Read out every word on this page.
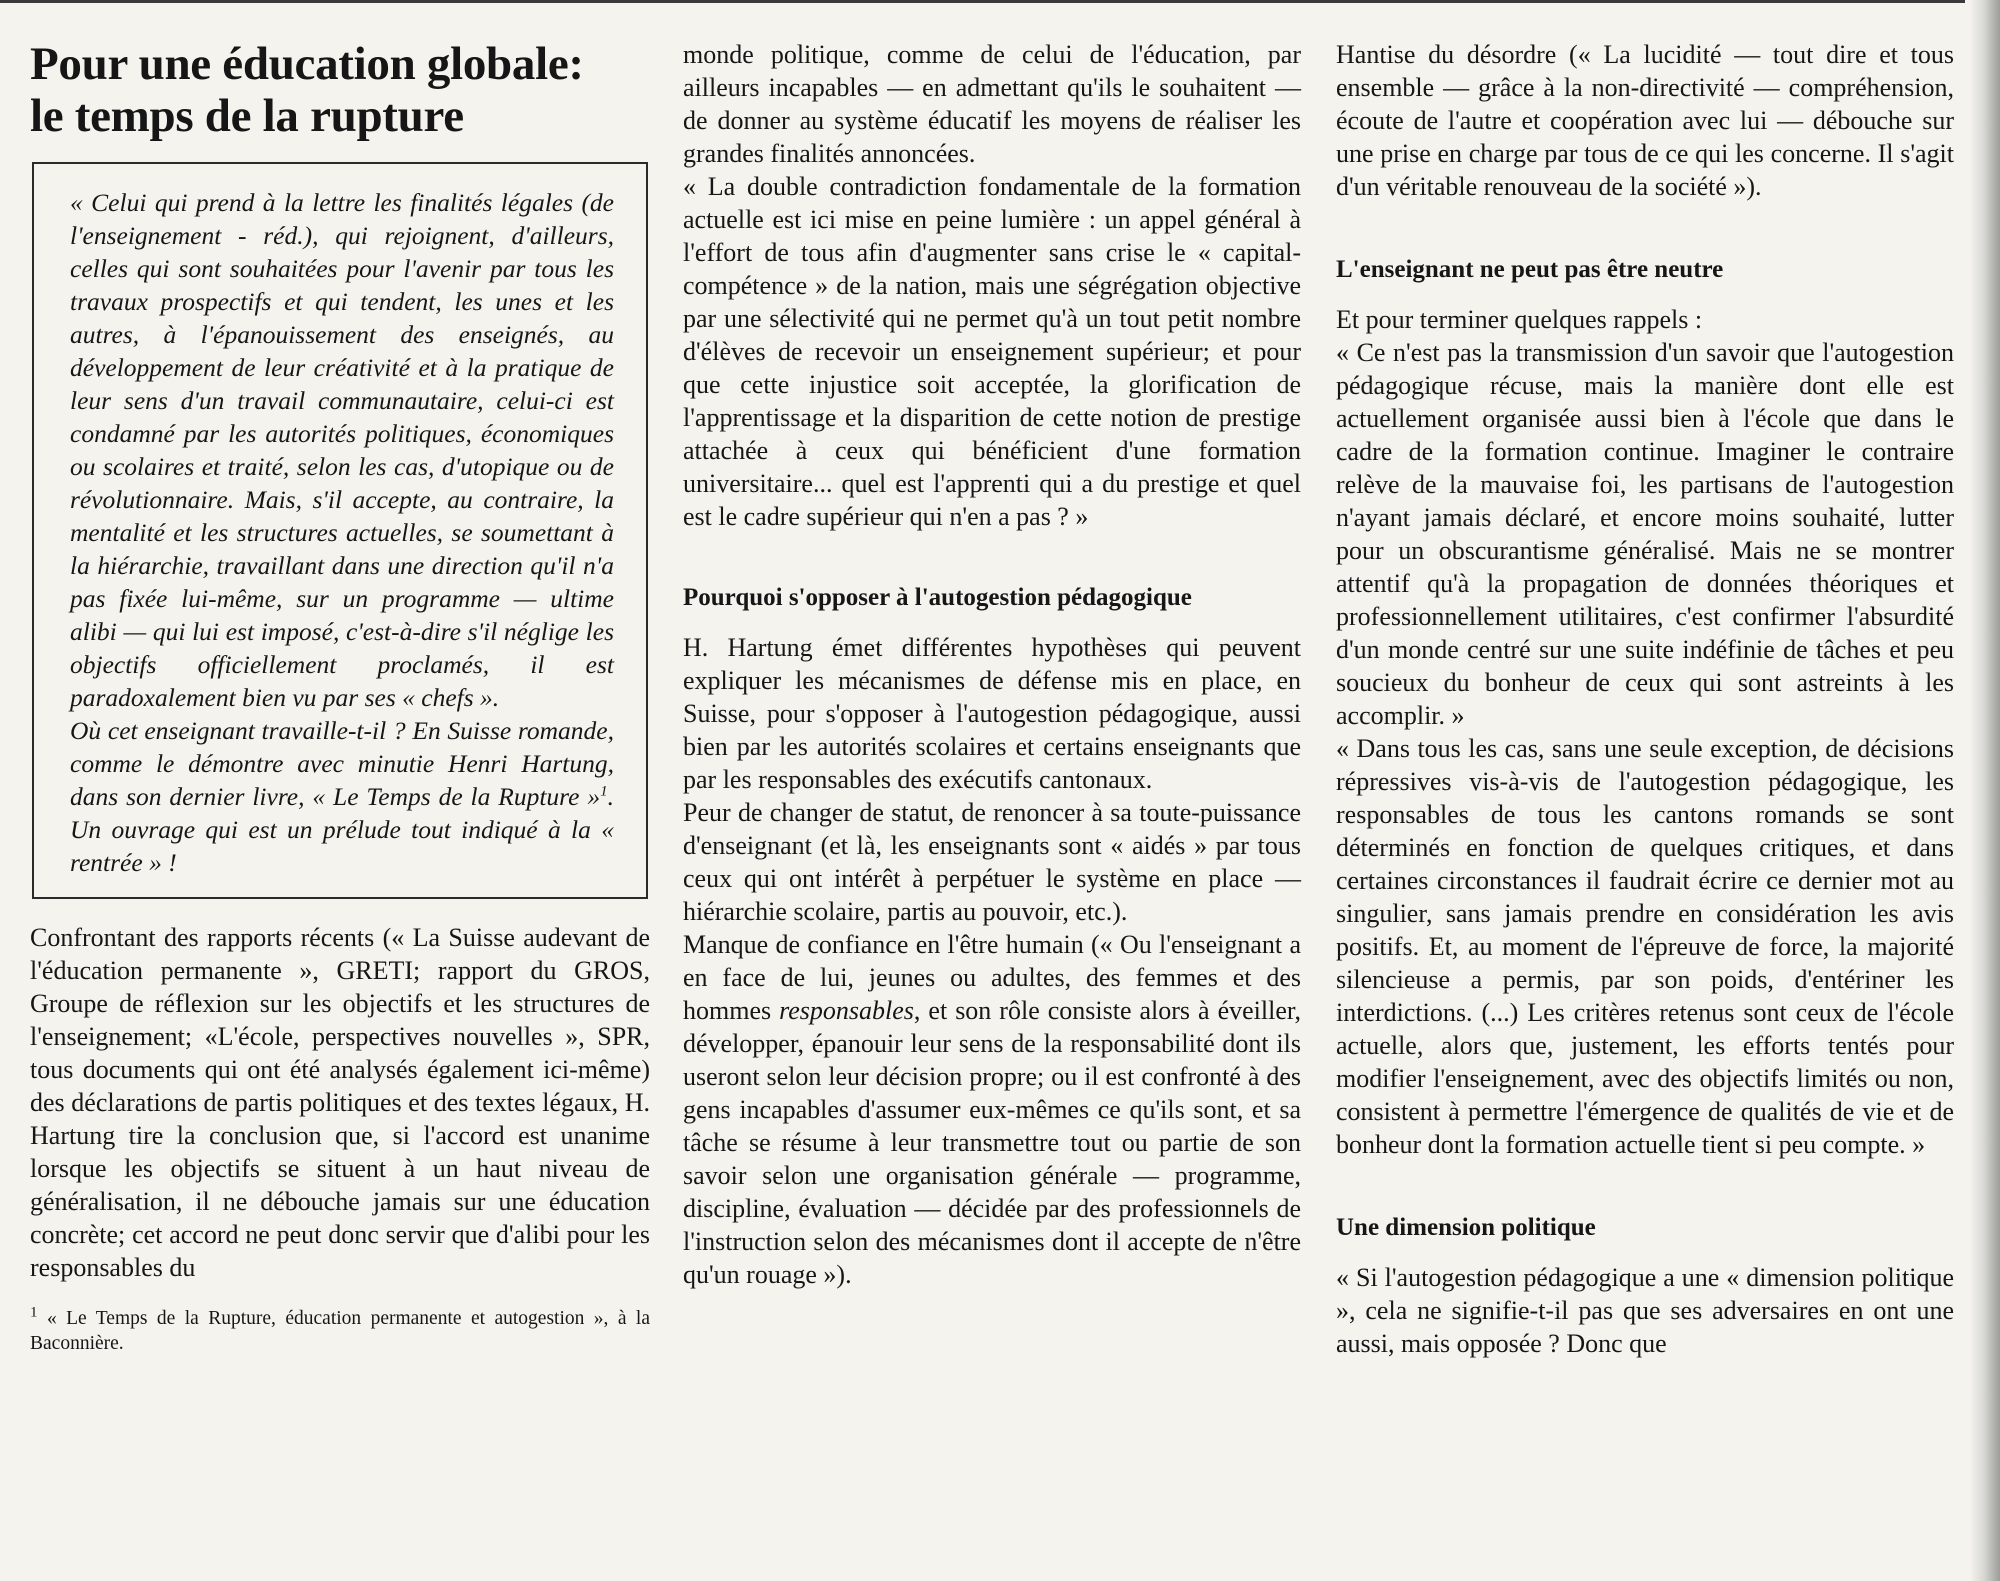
Pour une éducation globale:
le temps de la rupture

« Celui qui prend à la lettre les finalités légales (de l'enseignement - réd.), qui rejoignent, d'ailleurs, celles qui sont souhaitées pour l'avenir par tous les travaux prospectifs et qui tendent, les unes et les autres, à l'épanouissement des enseignés, au développement de leur créativité et à la pratique de leur sens d'un travail communautaire, celui-ci est condamné par les autorités politiques, économiques ou scolaires et traité, selon les cas, d'utopique ou de révolutionnaire. Mais, s'il accepte, au contraire, la mentalité et les structures actuelles, se soumettant à la hiérarchie, travaillant dans une direction qu'il n'a pas fixée lui-même, sur un programme — ultime alibi — qui lui est imposé, c'est-à-dire s'il néglige les objectifs officiellement proclamés, il est paradoxalement bien vu par ses « chefs ».

Où cet enseignant travaille-t-il ? En Suisse romande, comme le démontre avec minutie Henri Hartung, dans son dernier livre, « Le Temps de la Rupture »$^1$. Un ouvrage qui est un prélude tout indiqué à la « rentrée » !

Confrontant des rapports récents (« La Suisse audevant de l'éducation permanente », GRETI; rapport du GROS, Groupe de réflexion sur les objectifs et les structures de l'enseignement; «L'école, perspectives nouvelles », SPR, tous documents qui ont été analysés également ici-même) des déclarations de partis politiques et des textes légaux, H. Hartung tire la conclusion que, si l'accord est unanime lorsque les objectifs se situent à un haut niveau de généralisation, il ne débouche jamais sur une éducation concrète; cet accord ne peut donc servir que d'alibi pour les responsables du

$^1$ « Le Temps de la Rupture, éducation permanente et autogestion », à la Baconnière.

monde politique, comme de celui de l'éducation, par ailleurs incapables — en admettant qu'ils le souhaitent — de donner au système éducatif les moyens de réaliser les grandes finalités annoncées.

« La double contradiction fondamentale de la formation actuelle est ici mise en peine lumière : un appel général à l'effort de tous afin d'augmenter sans crise le « capital-compétence » de la nation, mais une ségrégation objective par une sélectivité qui ne permet qu'à un tout petit nombre d'élèves de recevoir un enseignement supérieur; et pour que cette injustice soit acceptée, la glorification de l'apprentissage et la disparition de cette notion de prestige attachée à ceux qui bénéficient d'une formation universitaire... quel est l'apprenti qui a du prestige et quel est le cadre supérieur qui n'en a pas ? »

Pourquoi s'opposer à l'autogestion pédagogique

H. Hartung émet différentes hypothèses qui peuvent expliquer les mécanismes de défense mis en place, en Suisse, pour s'opposer à l'autogestion pédagogique, aussi bien par les autorités scolaires et certains enseignants que par les responsables des exécutifs cantonaux.

Peur de changer de statut, de renoncer à sa toute-puissance d'enseignant (et là, les enseignants sont « aidés » par tous ceux qui ont intérêt à perpétuer le système en place — hiérarchie scolaire, partis au pouvoir, etc.).

Manque de confiance en l'être humain (« Ou l'enseignant a en face de lui, jeunes ou adultes, des femmes et des hommes responsables, et son rôle consiste alors à éveiller, développer, épanouir leur sens de la responsabilité dont ils useront selon leur décision propre; ou il est confronté à des gens incapables d'assumer eux-mêmes ce qu'ils sont, et sa tâche se résume à leur transmettre tout ou partie de son savoir selon une organisation générale — programme, discipline, évaluation — décidée par des professionnels de l'instruction selon des mécanismes dont il accepte de n'être qu'un rouage »).

Hantise du désordre (« La lucidité — tout dire et tous ensemble — grâce à la non-directivité — compréhension, écoute de l'autre et coopération avec lui — débouche sur une prise en charge par tous de ce qui les concerne. Il s'agit d'un véritable renouveau de la société »).

L'enseignant ne peut pas être neutre

Et pour terminer quelques rappels :

« Ce n'est pas la transmission d'un savoir que l'autogestion pédagogique récuse, mais la manière dont elle est actuellement organisée aussi bien à l'école que dans le cadre de la formation continue. Imaginer le contraire relève de la mauvaise foi, les partisans de l'autogestion n'ayant jamais déclaré, et encore moins souhaité, lutter pour un obscurantisme généralisé. Mais ne se montrer attentif qu'à la propagation de données théoriques et professionnellement utilitaires, c'est confirmer l'absurdité d'un monde centré sur une suite indéfinie de tâches et peu soucieux du bonheur de ceux qui sont astreints à les accomplir. »

« Dans tous les cas, sans une seule exception, de décisions répressives vis-à-vis de l'autogestion pédagogique, les responsables de tous les cantons romands se sont déterminés en fonction de quelques critiques, et dans certaines circonstances il faudrait écrire ce dernier mot au singulier, sans jamais prendre en considération les avis positifs. Et, au moment de l'épreuve de force, la majorité silencieuse a permis, par son poids, d'entériner les interdictions. (...) Les critères retenus sont ceux de l'école actuelle, alors que, justement, les efforts tentés pour modifier l'enseignement, avec des objectifs limités ou non, consistent à permettre l'émergence de qualités de vie et de bonheur dont la formation actuelle tient si peu compte. »

Une dimension politique

« Si l'autogestion pédagogique a une « dimension politique », cela ne signifie-t-il pas que ses adversaires en ont une aussi, mais opposée ? Donc que
